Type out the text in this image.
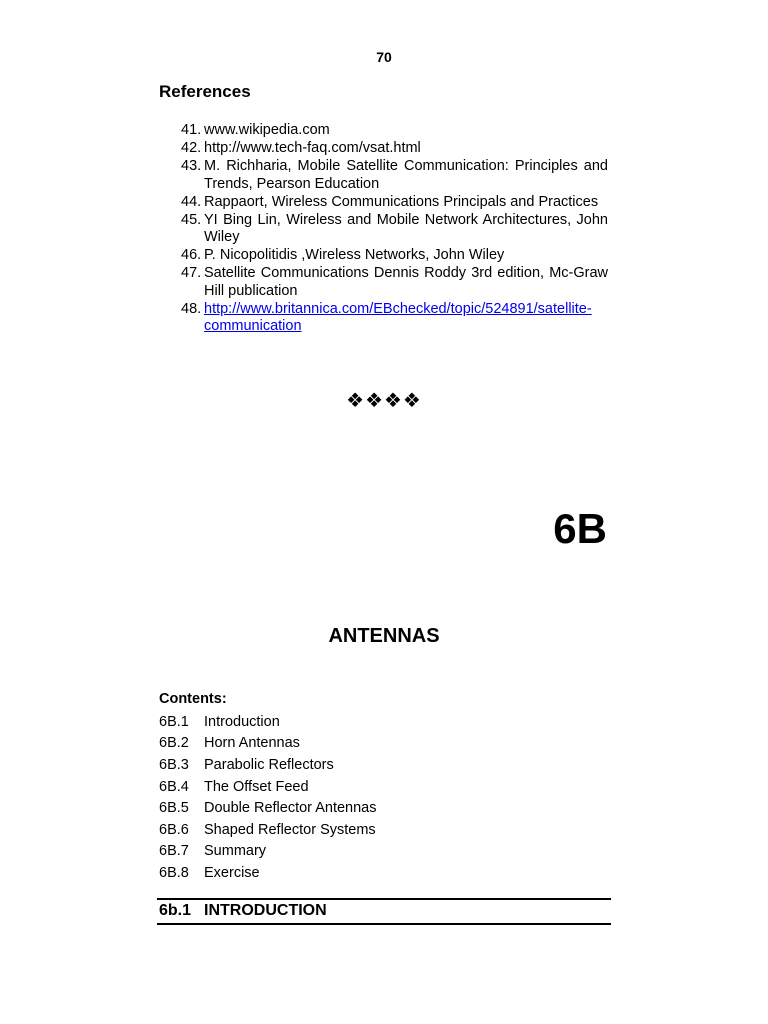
70
References
41. www.wikipedia.com
42. http://www.tech-faq.com/vsat.html
43. M. Richharia, Mobile Satellite Communication: Principles and Trends, Pearson Education
44. Rappaort, Wireless Communications Principals and Practices
45. YI Bing Lin, Wireless and Mobile Network Architectures, John Wiley
46. P. Nicopolitidis ,Wireless Networks, John Wiley
47. Satellite Communications Dennis Roddy 3rd edition, Mc-Graw Hill publication
48. http://www.britannica.com/EBchecked/topic/524891/satellite-communication
❖❖❖❖
6B
ANTENNAS
Contents:
6B.1	Introduction
6B.2	Horn Antennas
6B.3	Parabolic Reflectors
6B.4	The Offset Feed
6B.5	Double Reflector Antennas
6B.6	Shaped Reflector Systems
6B.7	Summary
6B.8	Exercise
6b.1 INTRODUCTION
